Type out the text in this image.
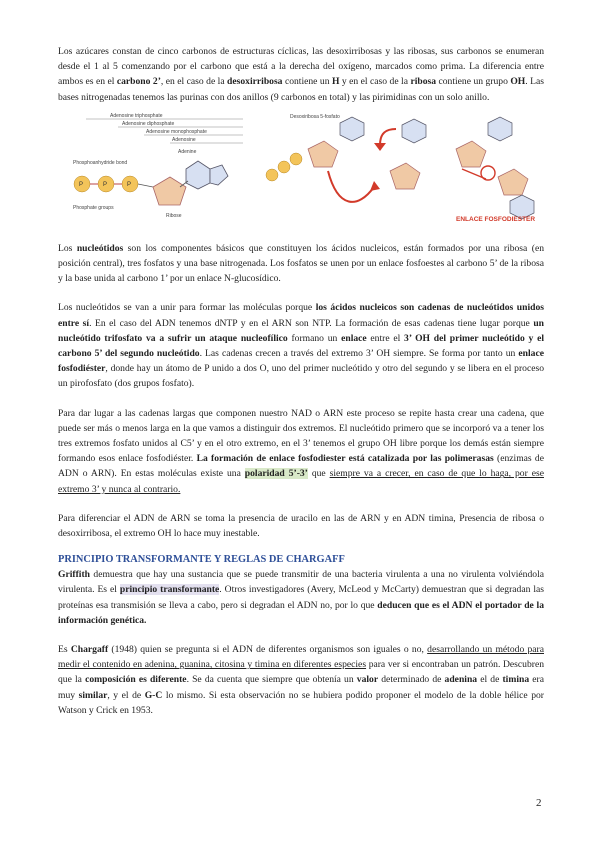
Los azúcares constan de cinco carbonos de estructuras cíclicas, las desoxirribosas y las ribosas, sus carbonos se enumeran desde el 1 al 5 comenzando por el carbono que está a la derecha del oxígeno, marcados como prima. La diferencia entre ambos es en el carbono 2’, en el caso de la desoxirribosa contiene un H y en el caso de la ribosa contiene un grupo OH. Las bases nitrogenadas tenemos las purinas con dos anillos (9 carbonos en total) y las pirimidinas con un solo anillo.

Adenosine triphosphate
Adenosine diphosphate
Adenosine monophosphate
Adenosine
Adenine
Phosphoanhydride bond
P	P	P
Phosphate groups
Ribose
Desoxiribosa 5-fosfato
ENLACE FOSFODIESTER

Los nucleótidos son los componentes básicos que constituyen los ácidos nucleicos, están formados por una ribosa (en posición central), tres fosfatos y una base nitrogenada. Los fosfatos se unen por un enlace fosfoestes al carbono 5’ de la ribosa y la base unida al carbono 1’ por un enlace N-glucosídico.

Los nucleótidos se van a unir para formar las moléculas porque los ácidos nucleicos son cadenas de nucleótidos unidos entre sí. En el caso del ADN tenemos dNTP y en el ARN son NTP. La formación de esas cadenas tiene lugar porque un nucleótido trifosfato va a sufrir un ataque nucleofílico formano un enlace entre el 3’ OH del primer nucleótido y el carbono 5’ del segundo nucleótido. Las cadenas crecen a través del extremo 3’ OH siempre. Se forma por tanto un enlace fosfodiéster, donde hay un átomo de P unido a dos O, uno del primer nucleótido y otro del segundo y se libera en el proceso un pirofosfato (dos grupos fosfato).

Para dar lugar a las cadenas largas que componen nuestro NAD o ARN este proceso se repite hasta crear una cadena, que puede ser más o menos larga en la que vamos a distinguir dos extremos. El nucleótido primero que se incorporó va a tener los tres extremos fosfato unidos al C5’ y en el otro extremo, en el 3’ tenemos el grupo OH libre porque los demás están siempre formando esos enlace fosfodiéster. La formación de enlace fosfodiester está catalizada por las polimerasas (enzimas de ADN o ARN). En estas moléculas existe una polaridad 5’-3’ que siempre va a crecer, en caso de que lo haga, por ese extremo 3’ y nunca al contrario.

Para diferenciar el ADN de ARN se toma la presencia de uracilo en las de ARN y en ADN timina, Presencia de ribosa o desoxirribosa, el extremo OH lo hace muy inestable.

PRINCIPIO TRANSFORMANTE Y REGLAS DE CHARGAFF

Griffith demuestra que hay una sustancia que se puede transmitir de una bacteria virulenta a una no virulenta volviéndola virulenta. Es el principio transformante. Otros investigadores (Avery, McLeod y McCarty) demuestran que si degradan las proteínas esa transmisión se lleva a cabo, pero si degradan el ADN no, por lo que deducen que es el ADN el portador de la información genética.

Es Chargaff (1948) quien se pregunta si el ADN de diferentes organismos son iguales o no, desarrollando un método para medir el contenido en adenina, guanina, citosina y timina en diferentes especies para ver si encontraban un patrón. Descubren que la composición es diferente. Se da cuenta que siempre que obtenía un valor determinado de adenina el de timina era muy similar, y el de G-C lo mismo. Si esta observación no se hubiera podido proponer el modelo de la doble hélice por Watson y Crick en 1953.

2
